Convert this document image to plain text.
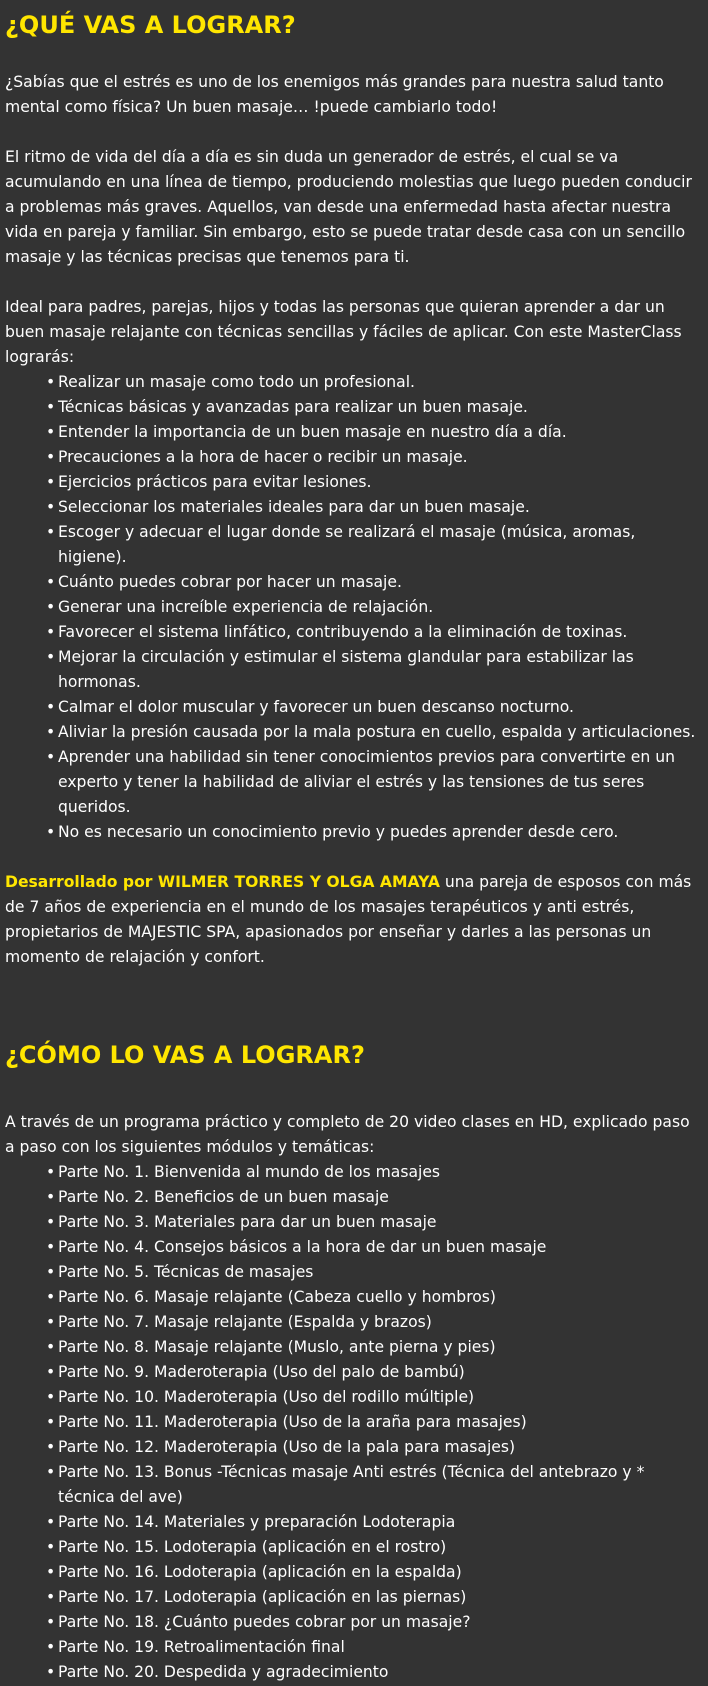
¿QUÉ VAS A LOGRAR?

¿Sabías que el estrés es uno de los enemigos más grandes para nuestra salud tanto mental como física? Un buen masaje… !puede cambiarlo todo!

El ritmo de vida del día a día es sin duda un generador de estrés, el cual se va acumulando en una línea de tiempo, produciendo molestias que luego pueden conducir a problemas más graves. Aquellos, van desde una enfermedad hasta afectar nuestra vida en pareja y familiar. Sin embargo, esto se puede tratar desde casa con un sencillo masaje y las técnicas precisas que tenemos para ti.

Ideal para padres, parejas, hijos y todas las personas que quieran aprender a dar un buen masaje relajante con técnicas sencillas y fáciles de aplicar. Con este MasterClass lograrás:

• Realizar un masaje como todo un profesional.
• Técnicas básicas y avanzadas para realizar un buen masaje.
• Entender la importancia de un buen masaje en nuestro día a día.
• Precauciones a la hora de hacer o recibir un masaje.
• Ejercicios prácticos para evitar lesiones.
• Seleccionar los materiales ideales para dar un buen masaje.
• Escoger y adecuar el lugar donde se realizará el masaje (música, aromas, higiene).
• Cuánto puedes cobrar por hacer un masaje.
• Generar una increíble experiencia de relajación.
• Favorecer el sistema linfático, contribuyendo a la eliminación de toxinas.
• Mejorar la circulación y estimular el sistema glandular para estabilizar las hormonas.
• Calmar el dolor muscular y favorecer un buen descanso nocturno.
• Aliviar la presión causada por la mala postura en cuello, espalda y articulaciones.
• Aprender una habilidad sin tener conocimientos previos para convertirte en un experto y tener la habilidad de aliviar el estrés y las tensiones de tus seres queridos.
• No es necesario un conocimiento previo y puedes aprender desde cero.

Desarrollado por WILMER TORRES Y OLGA AMAYA una pareja de esposos con más de 7 años de experiencia en el mundo de los masajes terapéuticos y anti estrés, propietarios de MAJESTIC SPA, apasionados por enseñar y darles a las personas un momento de relajación y confort.

¿CÓMO LO VAS A LOGRAR?

A través de un programa práctico y completo de 20 video clases en HD, explicado paso a paso con los siguientes módulos y temáticas:

• Parte No. 1. Bienvenida al mundo de los masajes
• Parte No. 2. Beneficios de un buen masaje
• Parte No. 3. Materiales para dar un buen masaje
• Parte No. 4. Consejos básicos a la hora de dar un buen masaje
• Parte No. 5. Técnicas de masajes
• Parte No. 6. Masaje relajante (Cabeza cuello y hombros)
• Parte No. 7. Masaje relajante (Espalda y brazos)
• Parte No. 8. Masaje relajante (Muslo, ante pierna y pies)
• Parte No. 9. Maderoterapia (Uso del palo de bambú)
• Parte No. 10. Maderoterapia (Uso del rodillo múltiple)
• Parte No. 11. Maderoterapia (Uso de la araña para masajes)
• Parte No. 12. Maderoterapia (Uso de la pala para masajes)
• Parte No. 13. Bonus -Técnicas masaje Anti estrés (Técnica del antebrazo y * técnica del ave)
• Parte No. 14. Materiales y preparación Lodoterapia
• Parte No. 15. Lodoterapia (aplicación en el rostro)
• Parte No. 16. Lodoterapia (aplicación en la espalda)
• Parte No. 17. Lodoterapia (aplicación en las piernas)
• Parte No. 18. ¿Cuánto puedes cobrar por un masaje?
• Parte No. 19. Retroalimentación final
• Parte No. 20. Despedida y agradecimiento
